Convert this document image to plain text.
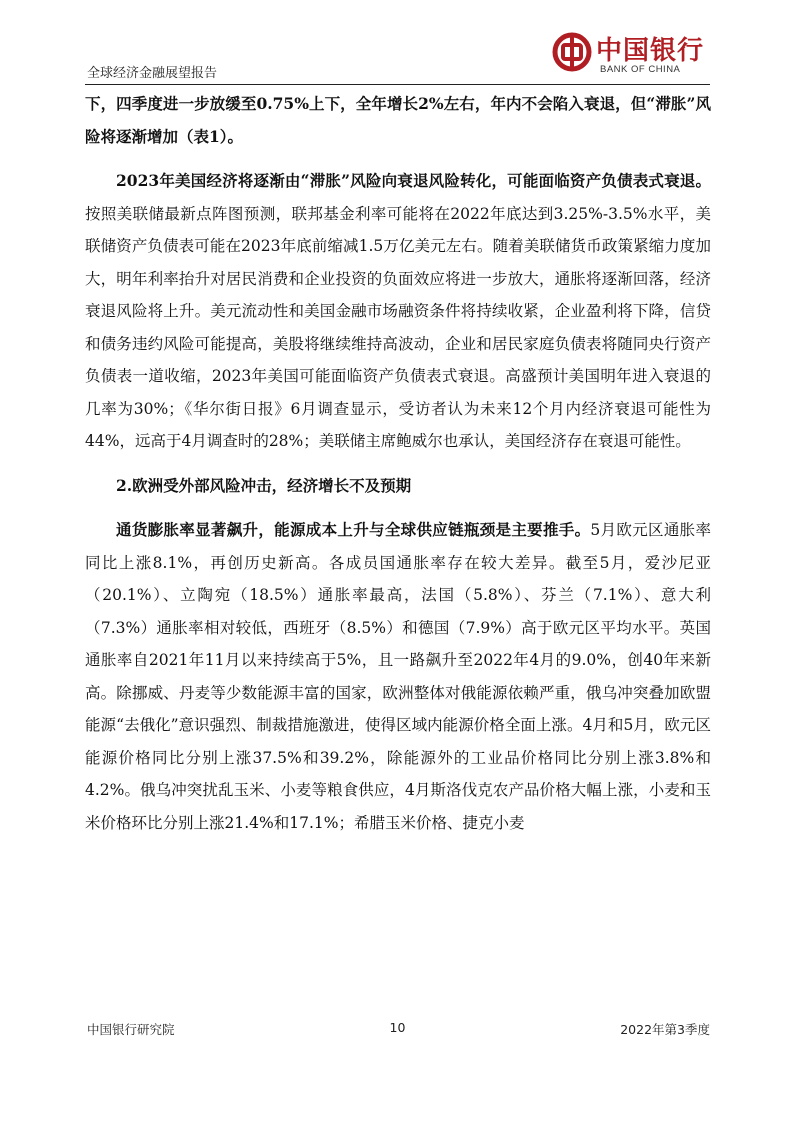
全球经济金融展望报告
中国银行
BANK OF CHINA

下，四季度进一步放缓至0.75%上下，全年增长2%左右，年内不会陷入衰退，但“滞胀”风险将逐渐增加（表1）。

2023年美国经济将逐渐由“滞胀”风险向衰退风险转化，可能面临资产负债表式衰退。按照美联储最新点阵图预测，联邦基金利率可能将在2022年底达到3.25%-3.5%水平，美联储资产负债表可能在2023年底前缩减1.5万亿美元左右。随着美联储货币政策紧缩力度加大，明年利率抬升对居民消费和企业投资的负面效应将进一步放大，通胀将逐渐回落，经济衰退风险将上升。美元流动性和美国金融市场融资条件将持续收紧，企业盈利将下降，信贷和债务违约风险可能提高，美股将继续维持高波动，企业和居民家庭负债表将随同央行资产负债表一道收缩，2023年美国可能面临资产负债表式衰退。高盛预计美国明年进入衰退的几率为30%；《华尔街日报》6月调查显示，受访者认为未来12个月内经济衰退可能性为44%，远高于4月调查时的28%；美联储主席鲍威尔也承认，美国经济存在衰退可能性。

2.欧洲受外部风险冲击，经济增长不及预期

通货膨胀率显著飙升，能源成本上升与全球供应链瓶颈是主要推手。5月欧元区通胀率同比上涨8.1%，再创历史新高。各成员国通胀率存在较大差异。截至5月，爱沙尼亚（20.1%）、立陶宛（18.5%）通胀率最高，法国（5.8%）、芬兰（7.1%）、意大利（7.3%）通胀率相对较低，西班牙（8.5%）和德国（7.9%）高于欧元区平均水平。英国通胀率自2021年11月以来持续高于5%，且一路飙升至2022年4月的9.0%，创40年来新高。除挪威、丹麦等少数能源丰富的国家，欧洲整体对俄能源依赖严重，俄乌冲突叠加欧盟能源“去俄化”意识强烈、制裁措施激进，使得区域内能源价格全面上涨。4月和5月，欧元区能源价格同比分别上涨37.5%和39.2%，除能源外的工业品价格同比分别上涨3.8%和4.2%。俄乌冲突扰乱玉米、小麦等粮食供应，4月斯洛伐克农产品价格大幅上涨，小麦和玉米价格环比分别上涨21.4%和17.1%；希腊玉米价格、捷克小麦

中国银行研究院	10	2022年第3季度
